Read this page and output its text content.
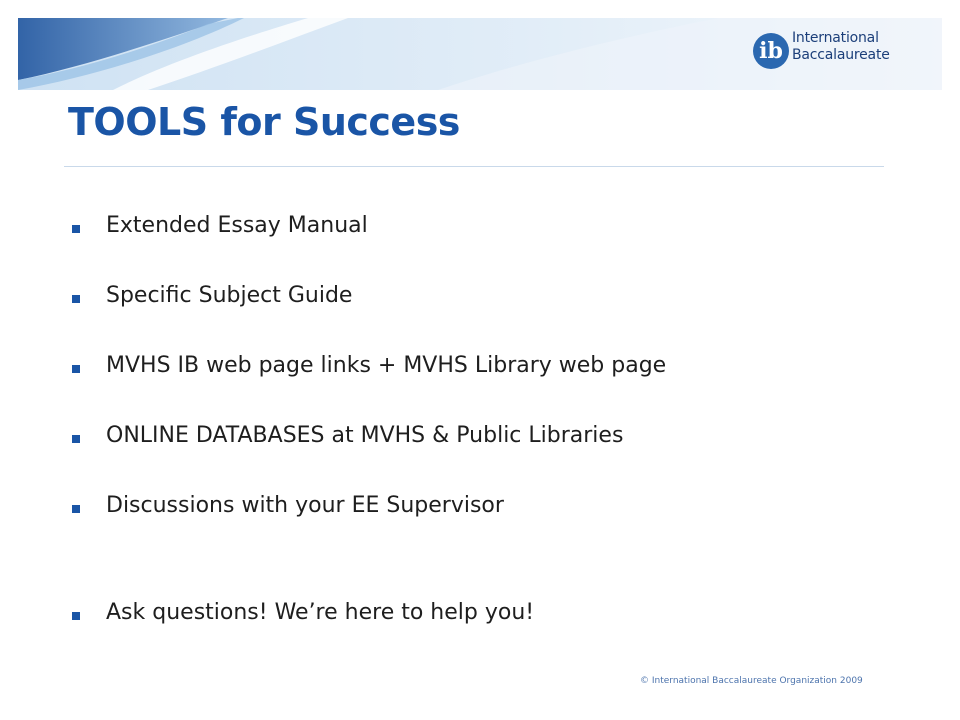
ib International
Baccalaureate
TOOLS for Success
Extended Essay Manual
Specific Subject Guide
MVHS IB web page links + MVHS Library web page
ONLINE DATABASES at MVHS & Public Libraries
Discussions with your EE Supervisor
Ask questions! We’re here to help you!
© International Baccalaureate Organization 2009
